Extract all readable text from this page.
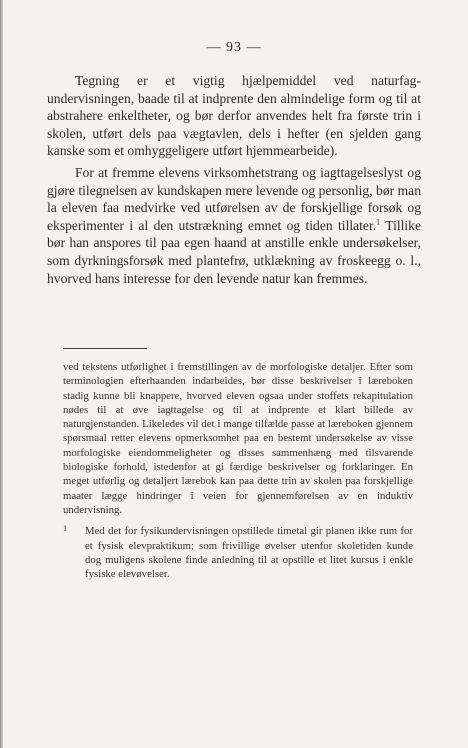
— 93 —

Tegning er et vigtig hjælpemiddel ved naturfag-undervisningen, baade til at indprente den almindelige form og til at abstrahere enkeltheter, og bør derfor anvendes helt fra første trin i skolen, utført dels paa vægtavlen, dels i hefter (en sjelden gang kanske som et omhyggeligere utført hjemmearbeide).

For at fremme elevens virksomhetstrang og iagttagelseslyst og gjøre tilegnelsen av kundskapen mere levende og personlig, bør man la eleven faa medvirke ved utførelsen av de forskjellige forsøk og eksperimenter i al den utstrækning emnet og tiden tillater.$^1$ Tillike bør han anspores til paa egen haand at anstille enkle undersøkelser, som dyrkningsforsøk med plantefrø, utklækning av froskeegg o. l., hvorved hans interesse for den levende natur kan fremmes.

ved tekstens utførlighet i fremstillingen av de morfologiske detaljer. Efter som terminologien efterhaanden indarbeides, bør disse beskrivelser i læreboken stadig kunne bli knappere, hvorved eleven ogsaa under stoffets rekapitulation nødes til at øve iagttagelse og til at indprente et klart billede av naturgjenstanden. Likeledes vil det i mange tilfælde passe at læreboken gjennem spørsmaal retter elevens opmerksomhet paa en bestemt undersøkelse av visse morfologiske eiendommeligheter og disses sammenhæng med tilsvarende biologiske forhold, istedenfor at gi færdige beskrivelser og forklaringer. En meget utførlig og detaljert lærebok kan paa dette trin av skolen paa forskjellige maater lægge hindringer i veien for gjennemførelsen av en induktiv undervisning.

1 Med det for fysikundervisningen opstillede timetal gir planen ikke rum for et fysisk elevpraktikum; som frivillige øvelser utenfor skoletiden kunde dog muligens skolene finde anledning til at opstille et litet kursus i enkle fysiske elevøvelser.
